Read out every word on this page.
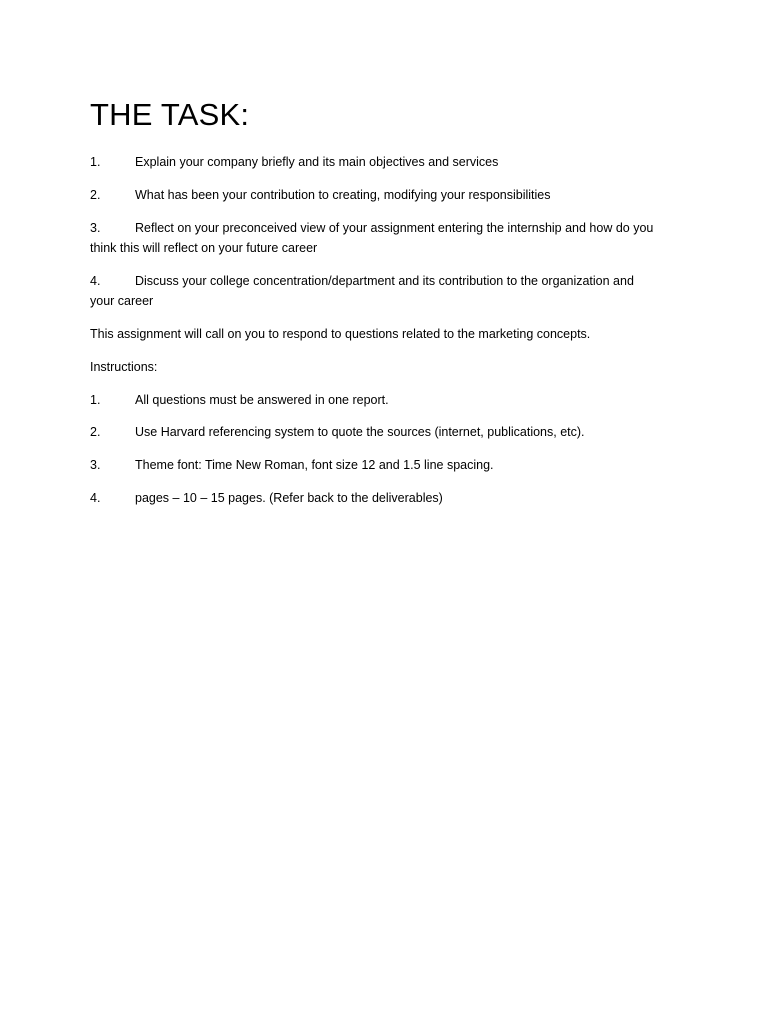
THE TASK:

1.	Explain your company briefly and its main objectives and services

2.	What has been your contribution to creating, modifying your responsibilities

3.	Reflect on your preconceived view of your assignment entering the internship and how do you
think this will reflect on your future career

4.	Discuss your college concentration/department and its contribution to the organization and
your career

This assignment will call on you to respond to questions related to the marketing concepts.

Instructions:

1.	All questions must be answered in one report.

2.	Use Harvard referencing system to quote the sources (internet, publications, etc).

3.	Theme font: Time New Roman, font size 12 and 1.5 line spacing.

4.	pages – 10 – 15 pages. (Refer back to the deliverables)
